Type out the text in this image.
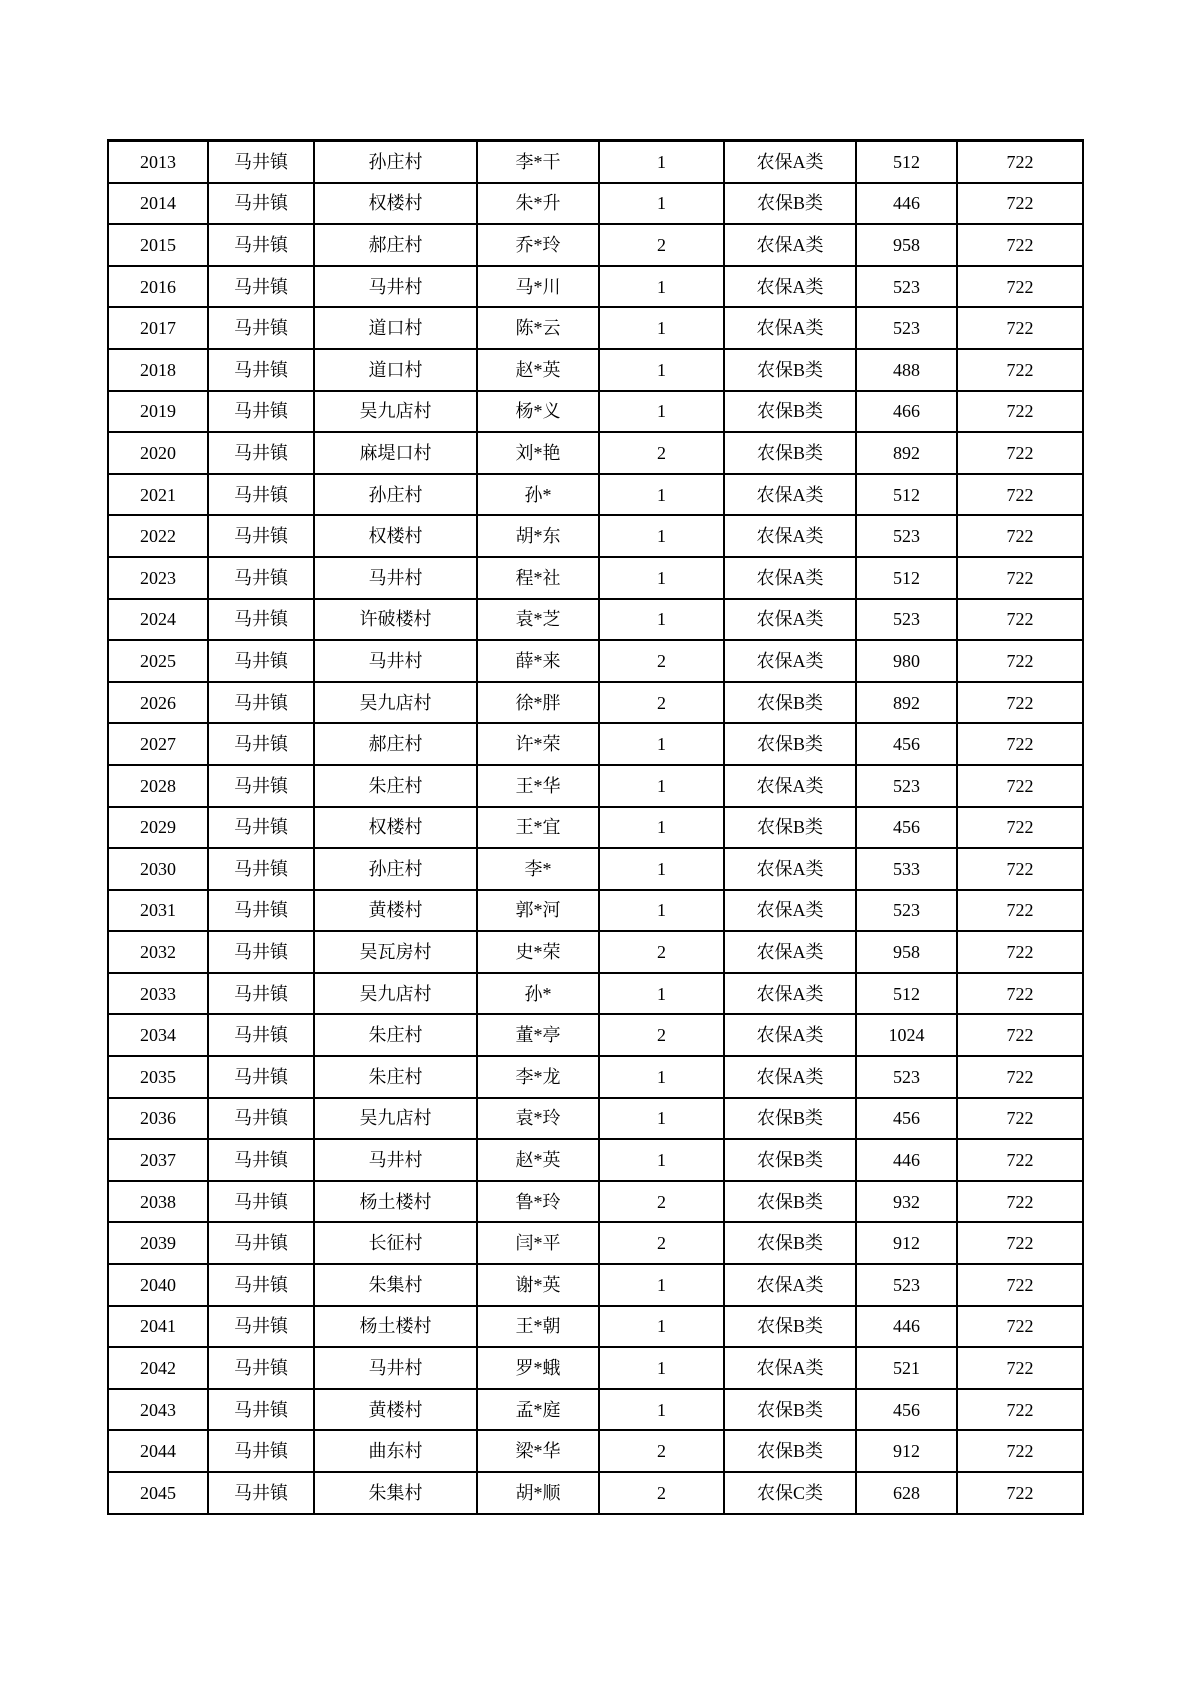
2013	马井镇	孙庄村	李*干	1	农保A类	512	722
2014	马井镇	权楼村	朱*升	1	农保B类	446	722
2015	马井镇	郝庄村	乔*玲	2	农保A类	958	722
2016	马井镇	马井村	马*川	1	农保A类	523	722
2017	马井镇	道口村	陈*云	1	农保A类	523	722
2018	马井镇	道口村	赵*英	1	农保B类	488	722
2019	马井镇	吴九店村	杨*义	1	农保B类	466	722
2020	马井镇	麻堤口村	刘*艳	2	农保B类	892	722
2021	马井镇	孙庄村	孙*	1	农保A类	512	722
2022	马井镇	权楼村	胡*东	1	农保A类	523	722
2023	马井镇	马井村	程*社	1	农保A类	512	722
2024	马井镇	许破楼村	袁*芝	1	农保A类	523	722
2025	马井镇	马井村	薛*来	2	农保A类	980	722
2026	马井镇	吴九店村	徐*胖	2	农保B类	892	722
2027	马井镇	郝庄村	许*荣	1	农保B类	456	722
2028	马井镇	朱庄村	王*华	1	农保A类	523	722
2029	马井镇	权楼村	王*宜	1	农保B类	456	722
2030	马井镇	孙庄村	李*	1	农保A类	533	722
2031	马井镇	黄楼村	郭*河	1	农保A类	523	722
2032	马井镇	吴瓦房村	史*荣	2	农保A类	958	722
2033	马井镇	吴九店村	孙*	1	农保A类	512	722
2034	马井镇	朱庄村	董*亭	2	农保A类	1024	722
2035	马井镇	朱庄村	李*龙	1	农保A类	523	722
2036	马井镇	吴九店村	袁*玲	1	农保B类	456	722
2037	马井镇	马井村	赵*英	1	农保B类	446	722
2038	马井镇	杨土楼村	鲁*玲	2	农保B类	932	722
2039	马井镇	长征村	闫*平	2	农保B类	912	722
2040	马井镇	朱集村	谢*英	1	农保A类	523	722
2041	马井镇	杨土楼村	王*朝	1	农保B类	446	722
2042	马井镇	马井村	罗*蛾	1	农保A类	521	722
2043	马井镇	黄楼村	孟*庭	1	农保B类	456	722
2044	马井镇	曲东村	梁*华	2	农保B类	912	722
2045	马井镇	朱集村	胡*顺	2	农保C类	628	722
